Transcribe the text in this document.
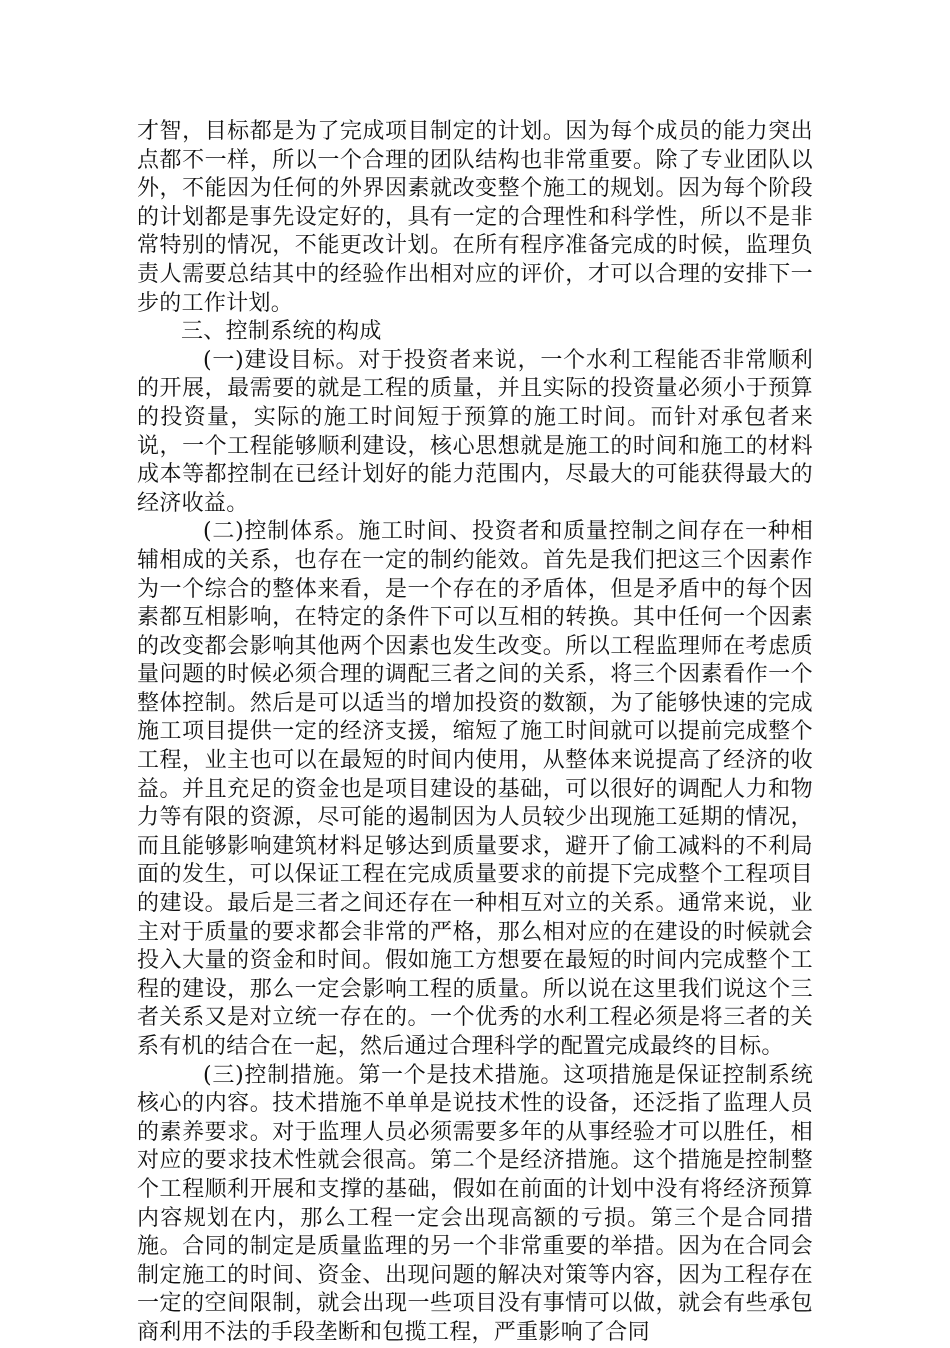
才智，目标都是为了完成项目制定的计划。因为每个成员的能力突出点都不一样，所以一个合理的团队结构也非常重要。除了专业团队以外，不能因为任何的外界因素就改变整个施工的规划。因为每个阶段的计划都是事先设定好的，具有一定的合理性和科学性，所以不是非常特别的情况，不能更改计划。在所有程序准备完成的时候，监理负责人需要总结其中的经验作出相对应的评价，才可以合理的安排下一步的工作计划。

三、控制系统的构成

(一)建设目标。对于投资者来说，一个水利工程能否非常顺利的开展，最需要的就是工程的质量，并且实际的投资量必须小于预算的投资量，实际的施工时间短于预算的施工时间。而针对承包者来说，一个工程能够顺利建设，核心思想就是施工的时间和施工的材料成本等都控制在已经计划好的能力范围内，尽最大的可能获得最大的经济收益。

(二)控制体系。施工时间、投资者和质量控制之间存在一种相辅相成的关系，也存在一定的制约能效。首先是我们把这三个因素作为一个综合的整体来看，是一个存在的矛盾体，但是矛盾中的每个因素都互相影响，在特定的条件下可以互相的转换。其中任何一个因素的改变都会影响其他两个因素也发生改变。所以工程监理师在考虑质量问题的时候必须合理的调配三者之间的关系，将三个因素看作一个整体控制。然后是可以适当的增加投资的数额，为了能够快速的完成施工项目提供一定的经济支援，缩短了施工时间就可以提前完成整个工程，业主也可以在最短的时间内使用，从整体来说提高了经济的收益。并且充足的资金也是项目建设的基础，可以很好的调配人力和物力等有限的资源，尽可能的遏制因为人员较少出现施工延期的情况，而且能够影响建筑材料足够达到质量要求，避开了偷工减料的不利局面的发生，可以保证工程在完成质量要求的前提下完成整个工程项目的建设。最后是三者之间还存在一种相互对立的关系。通常来说，业主对于质量的要求都会非常的严格，那么相对应的在建设的时候就会投入大量的资金和时间。假如施工方想要在最短的时间内完成整个工程的建设，那么一定会影响工程的质量。所以说在这里我们说这个三者关系又是对立统一存在的。一个优秀的水利工程必须是将三者的关系有机的结合在一起，然后通过合理科学的配置完成最终的目标。

(三)控制措施。第一个是技术措施。这项措施是保证控制系统核心的内容。技术措施不单单是说技术性的设备，还泛指了监理人员的素养要求。对于监理人员必须需要多年的从事经验才可以胜任，相对应的要求技术性就会很高。第二个是经济措施。这个措施是控制整个工程顺利开展和支撑的基础，假如在前面的计划中没有将经济预算内容规划在内，那么工程一定会出现高额的亏损。第三个是合同措施。合同的制定是质量监理的另一个非常重要的举措。因为在合同会制定施工的时间、资金、出现问题的解决对策等内容，因为工程存在一定的空间限制，就会出现一些项目没有事情可以做，就会有些承包商利用不法的手段垄断和包揽工程，严重影响了合同
